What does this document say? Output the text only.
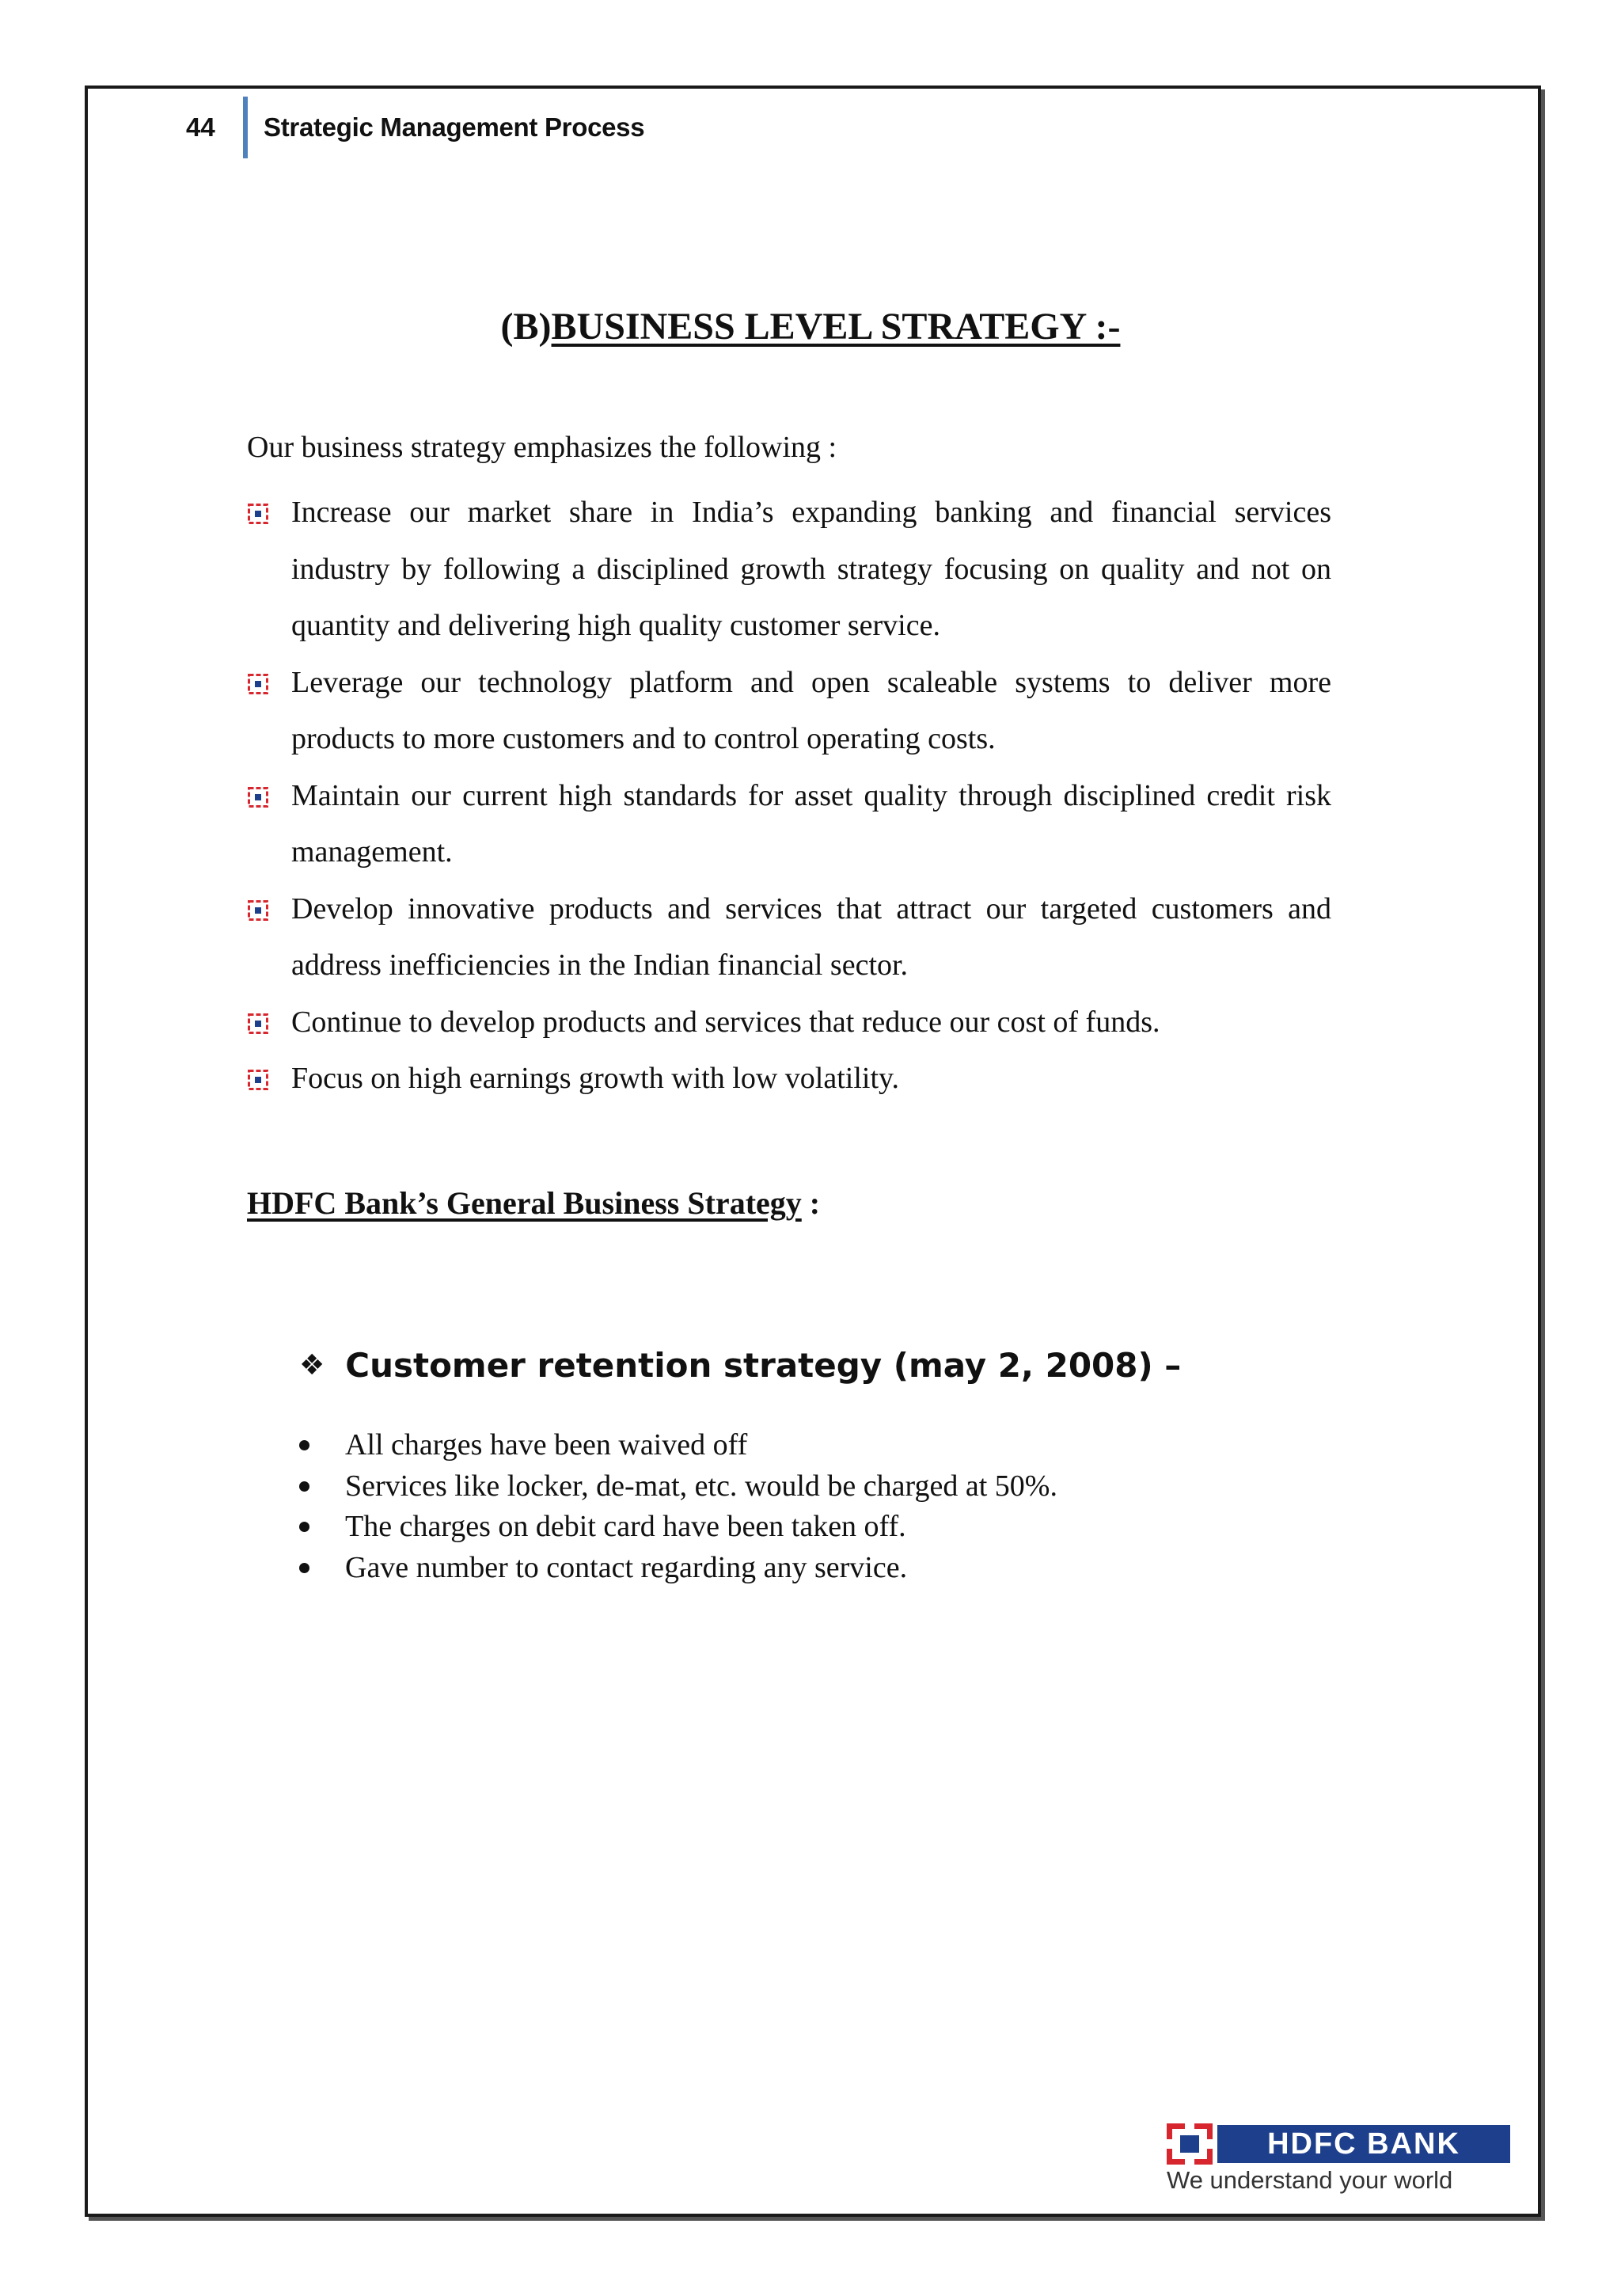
44	Strategic Management Process
(B)BUSINESS LEVEL STRATEGY :-
Our business strategy emphasizes the following :
Increase our market share in India’s expanding banking and financial services industry by following a disciplined growth strategy focusing on quality and not on quantity and delivering high quality customer service.
Leverage our technology platform and open scaleable systems to deliver more products to more customers and to control operating costs.
Maintain our current high standards for asset quality through disciplined credit risk management.
Develop innovative products and services that attract our targeted customers and address inefficiencies in the Indian financial sector.
Continue to develop products and services that reduce our cost of funds.
Focus on high earnings growth with low volatility.
HDFC Bank’s General Business Strategy :
❖ Customer retention strategy (may 2, 2008) –
All charges have been waived off
Services like locker, de-mat, etc. would be charged at 50%.
The charges on debit card have been taken off.
Gave number to contact regarding any service.
HDFC BANK
We understand your world
